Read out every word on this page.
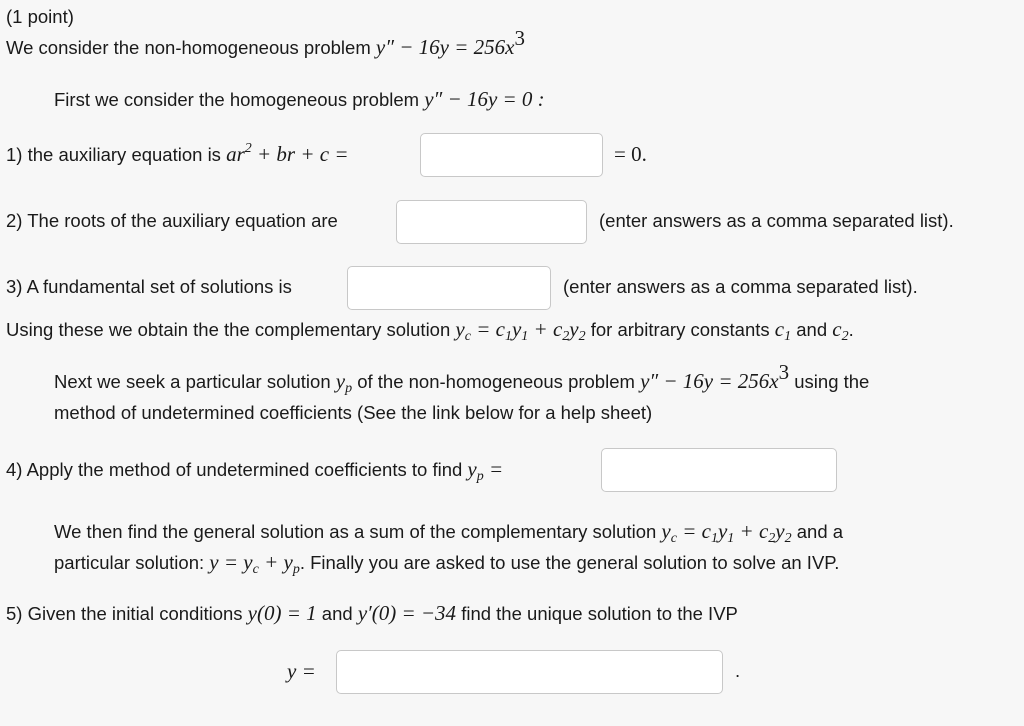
(1 point)
We consider the non-homogeneous problem $y'' - 16y = 256x^3$
First we consider the homogeneous problem y″ − 16y = 0 :
1) the auxiliary equation is $ar^2$ + br + c =	= 0.
2) The roots of the auxiliary equation are	(enter answers as a comma separated list).
3) A fundamental set of solutions is	(enter answers as a comma separated list).
Using these we obtain the the complementary solution $y_c = c_1y_1 + c_2y_2$ for arbitrary constants $c_1$ and $c_2$.
Next we seek a particular solution $y_p$ of the non-homogeneous problem $y'' - 16y = 256x^3$ using the
method of undetermined coefficients (See the link below for a help sheet)
4) Apply the method of undetermined coefficients to find $y_p$ =
We then find the general solution as a sum of the complementary solution $y_c = c_1y_1 + c_2y_2$ and a
particular solution: $y = y_c + y_p$. Finally you are asked to use the general solution to solve an IVP.
5) Given the initial conditions y(0) = 1 and y′(0) = −34 find the unique solution to the IVP
y =	.
